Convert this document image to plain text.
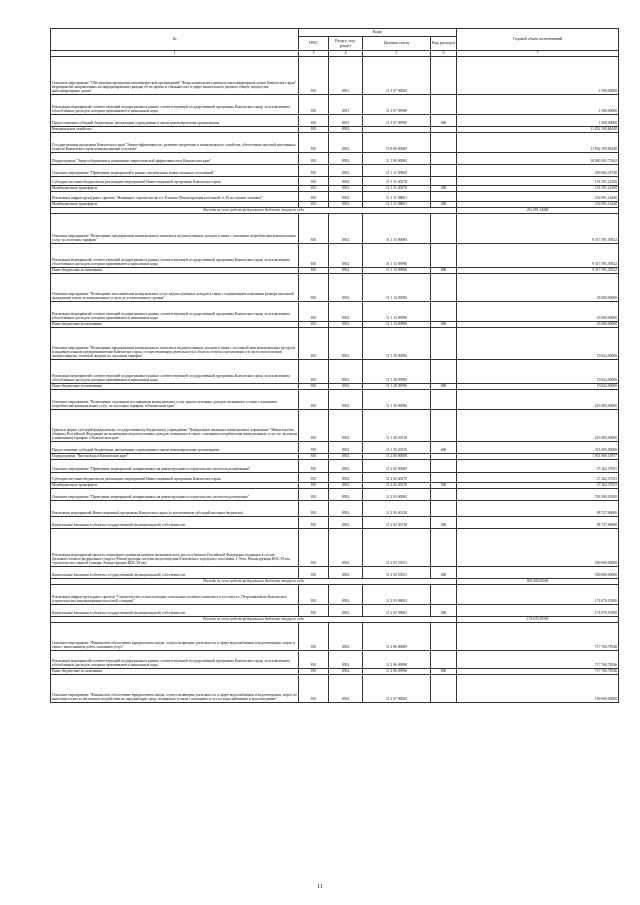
№	Коды				Годовой объем ассигнований
	ГРБС	Раздел, под-раздел	Целевая статья	Вид расходов	
1	3	4	5	6	7
Основное мероприятие "Обеспечение проведения некоммерческой организацией "Фонд капитального ремонта многоквартирных домов Камчатского края" мероприятий, направленных на информирование граждан об их правах и обязанностях в сфере капитального ремонта общего имущества многоквартирных домов"	810	0501	11 3 07 00000		1 500,00000
Реализация мероприятий соответствующей подпрограммы в рамках соответствующей государственной программы Камчатского края, за исключением обособленных расходов, которым присваиваются уникальные коды	810	0501	11 3 07 09990		1 500,00000
Предоставление субсидий бюджетным, автономным учреждениям и иным некоммерческим организациям	810	0501	11 3 07 09990	600	1 500,00000
Коммунальное хозяйство	810	0502			11 852 109,86240
Государственная программа Камчатского края "Энергоэффективность, развитие энергетики и коммунального хозяйства, обеспечение жителей населенных пунктов Камчатского края коммунальными услугами"	810	0502	11 0 00 00000		11 852 109,86240
Подпрограмма "Энергосбережение и повышение энергетической эффективности в Камчатском крае"	810	0502	11 1 00 00000		10 000 301,75262
Основное мероприятие "Проведение мероприятий в рамках заключенных концессионных соглашений"	810	0502	11 1 11 00000		403 682,35740
Субсидии местным бюджетам на реализацию мероприятий Инвестиционной программы Камчатского края	810	0502	11 1 11 40270		151 591,21300
Межбюджетные трансферты	810	0502	11 1 11 40270	500	151 591,21300
Реализация инфраструктурного проекта "Жилищное строительство в г. Елизово (Реконструкция котельной № 30 на газовое топливо)"	810	0502	11 1 11 98001		252 091,14440
Межбюджетные трансферты	810	0502	11 1 11 98001	500	252 091,14440
Расходы за счет средств федерального бюджета текущего года					252 091,14440
Основное мероприятие "Возмещение предприятиям коммунального комплекса недополученных доходов в связи с оказанием потребителям коммунальных услуг по льготным тарифам"	810	0502	11 1 13 00000		9 317 591,39522
Реализация мероприятий соответствующей подпрограммы в рамках соответствующей государственной программы Камчатского края, за исключением обособленных расходов, которым присваиваются уникальные коды	810	0502	11 1 13 09990		9 317 591,39522
Иные бюджетные ассигнования	810	0502	11 1 13 09990	800	9 317 591,39522
Основное мероприятие "Возмещение исполнителям коммунальных услуг недополученных доходов в связи с ограничением изменения размера вносимой гражданами платы за коммунальные услуги до установленного уровня"	810	0502	11 1 14 00000		43 000,00000
Реализация мероприятий соответствующей подпрограммы в рамках соответствующей государственной программы Камчатского края, за исключением обособленных расходов, которым присваиваются уникальные коды	810	0502	11 1 14 09990		43 000,00000
Иные бюджетные ассигнования	810	0502	11 1 14 09990	800	43 000,00000
Основное мероприятие "Возмещение предприятиям коммунального комплекса недополученных доходов в связи с поставкой ими коммунальных ресурсов и индивидуальным предпринимателям Камчатского края, осуществляющим деятельность в области отпуска и реализации и в части эксплуатации электроэнергии, тепловой энергии по льготным тарифам"	810	0502	11 1 28 00000		19 622,00000
Реализация мероприятий соответствующей подпрограммы в рамках соответствующей государственной программы Камчатского края, за исключением обособленных расходов, которым присваиваются уникальные коды	810	0502	11 1 28 09990		19 622,00000
Иные бюджетные ассигнования	810	0502	11 1 28 09990	800	19 622,00000
Основное мероприятие "Возмещение отдельным поставщикам коммунальных услуг недополученных доходов, возникших в связи с оказанием потребителям коммунальных услуг по льготным тарифам, в Камчатском крае"	810	0502	11 1 30 00000		216 405,00000
Гранты в форме субсидий федеральному государственному бюджетному учреждению "Центральное жилищно-коммунальное управление" Министерства обороны Российской Федерации на возмещение недополученных доходов, возникших в связи с оказанием потребителям коммунальных услуг по льготным (сниженным) тарифам, в Камчатском крае	810	0502	11 1 30 20310		216 405,00000
Предоставление субсидий бюджетным, автономным учреждениям и иным некоммерческим организациям	810	0502	11 1 30 20310	600	216 405,00000
Подпрограмма "Чистая вода в Камчатском крае"	810	0502	11 2 00 00000		1 851 808,10977
Основное мероприятие "Проведение мероприятий, направленных на реконструкцию и строительство систем водоснабжения"	810	0502	11 2 02 00000		27 262,37931
Субсидии местным бюджетам на реализацию мероприятий Инвестиционной программы Камчатского края	810	0502	11 2 02 40270		27 262,37931
Межбюджетные трансферты	810	0502	11 2 02 40270	500	27 262,37931
Основное мероприятие "Проведение мероприятий, направленных на реконструкцию и строительство систем водоотведения"	810	0502	11 2 03 00000		763 398,05300
Реализация мероприятий Инвестиционной программы Камчатского края (за исключением субсидий местным бюджетам)	810	0502	11 2 03 40130		88 727,86000
Капитальные вложения в объекты государственной (муниципальной) собственности	810	0502	11 2 03 40130	400	88 727,86000
Реализация мероприятий проекта социального развития центров экономического роста субъектов Российской Федерации, входящих в состав Дальневосточного федерального округа (Реконструкция системы водоотведения Елизовского городского поселения. I Этап. Реконструкция КОС-29 км, строительство главной станции. Реконструкция КНС-29 км)	810	0502	11 2 03 55051		500 000,00000
Капитальные вложения в объекты государственной (муниципальной) собственности	810	0502	11 2 03 55051	400	500 000,00000
Расходы за счет средств федерального бюджета текущего года					500 000,00000
Реализация инфраструктурного проекта "Строительство и эксплуатация госпитально-полевого комплекса и поселка в г. Петропавловске-Камчатском (строительство канализационно-насосной станции)"	810	0502	11 2 03 98002		174 670,19300
Капитальные вложения в объекты государственной (муниципальной) собственности	810	0502	11 2 03 98002	400	174 670,19300
Расходы за счет средств федерального бюджета текущего года					174 670,19300
Основное мероприятие "Финансовое обеспечение юридическим лицам, осуществляющим деятельность в сфере водоснабжения и водоотведения, затрат в связи с выполнением работ, оказанием услуг"	810	0502	11 2 06 00000		717 760,78546
Реализация мероприятий соответствующей подпрограммы в рамках соответствующей государственной программы Камчатского края, за исключением обособленных расходов, которым присваиваются уникальные коды	810	0502	11 2 06 09990		717 760,78546
Иные бюджетные ассигнования	810	0502	11 2 06 09990	800	717 760,78546
Основное мероприятие "Финансовое обеспечение юридическим лицам, осуществляющим деятельность в сфере водоснабжения и водоотведения, затрат по внесению платы за негативное воздействие на окружающую среду, возникших в связи с оказанием услуг по водоснабжению и водоотведению"	810	0502	11 2 07 00000		100 000,00000
11
